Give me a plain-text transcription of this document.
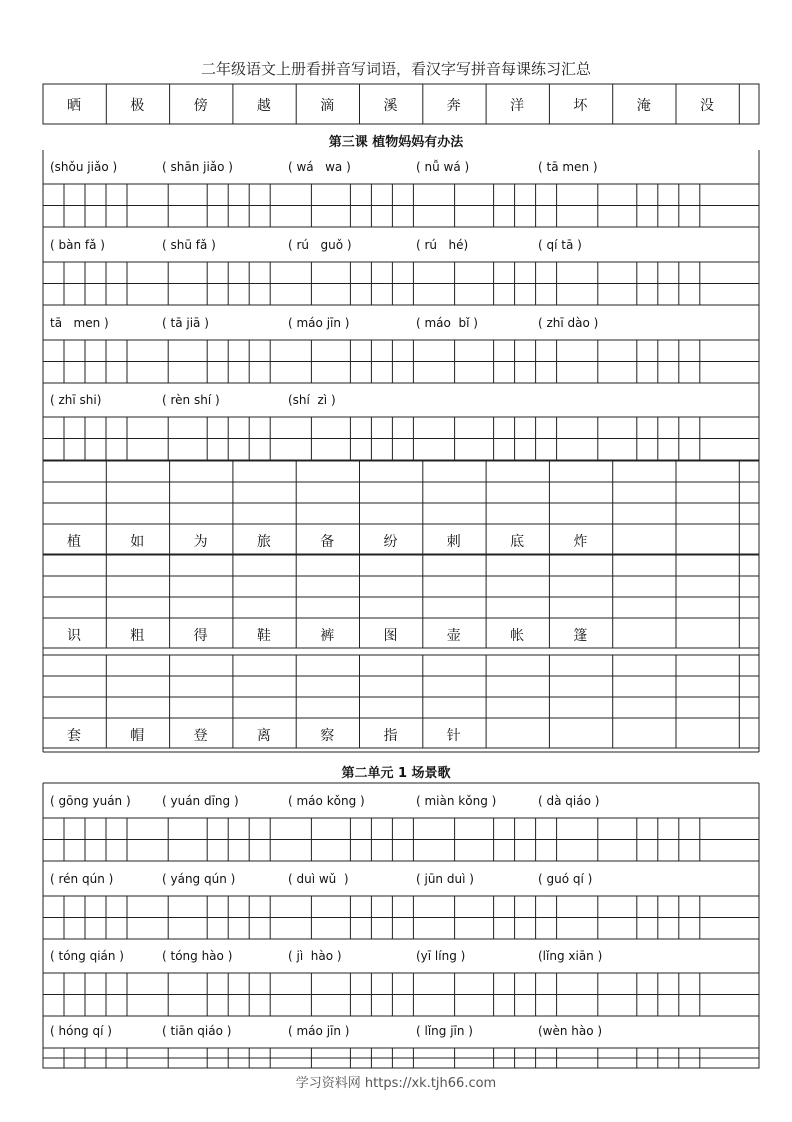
二年级语文上册看拼音写词语，看汉字写拼音每课练习汇总
晒	极	傍	越	滴	溪	奔	洋	坏	淹	没
(shǒu jiǎo )	( shān jiǎo )	( wá   wa )	( nǚ wá )	( tā men )
( bàn fǎ )	( shū fǎ )	( rú   guǒ )	( rú   hé)	( qí tā )
tā   men )	( tā jiā )	( máo jīn )	( máo  bǐ )	( zhī dào )
( zhī shi)	( rèn shí )	(shí  zì )
植	如	为	旅	备	纷	刺	底	炸
识	粗	得	鞋	裤	图	壶	帐	篷
套	帽	登	离	察	指	针
( gōng yuán )	( yuán dīng )	( máo kǒng )	( miàn kǒng )	( dà qiáo )
( rén qún )	( yáng qún )	( duì wǔ  )	( jūn duì )	( guó qí )
( tóng qián )	( tóng hào )	( jì  hào )	(yī líng )	(lǐng xiān )
( hóng qí )	( tiān qiáo )	( máo jīn )	( lǐng jīn )	(wèn hào )
第三课 植物妈妈有办法
第二单元 1 场景歌
学习资料网 https://xk.tjh66.com
